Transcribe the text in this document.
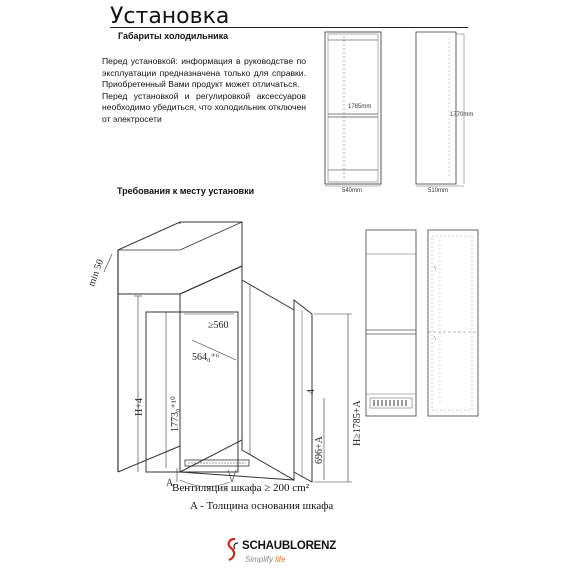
Установка
Габариты холодильника

Перед установкой: информация в руководстве по эксплуатации предназначена только для справки. Приобретенный Вами продукт может отличаться.

Перед установкой и регулировкой аксессуаров необходимо убедиться, что холодильник отключен от электросети

1785mm
1770mm
540mm	510mm
Требования к месту установки
min 50
≥560
564₀⁺⁶
H+4	1773₀⁺¹⁰
4
696+A
H≥1785+A
A
Вентиляция шкафа ≥ 200 cm²
A - Толщина основания шкафа
SCHAUBLORENZ
Simplify life
